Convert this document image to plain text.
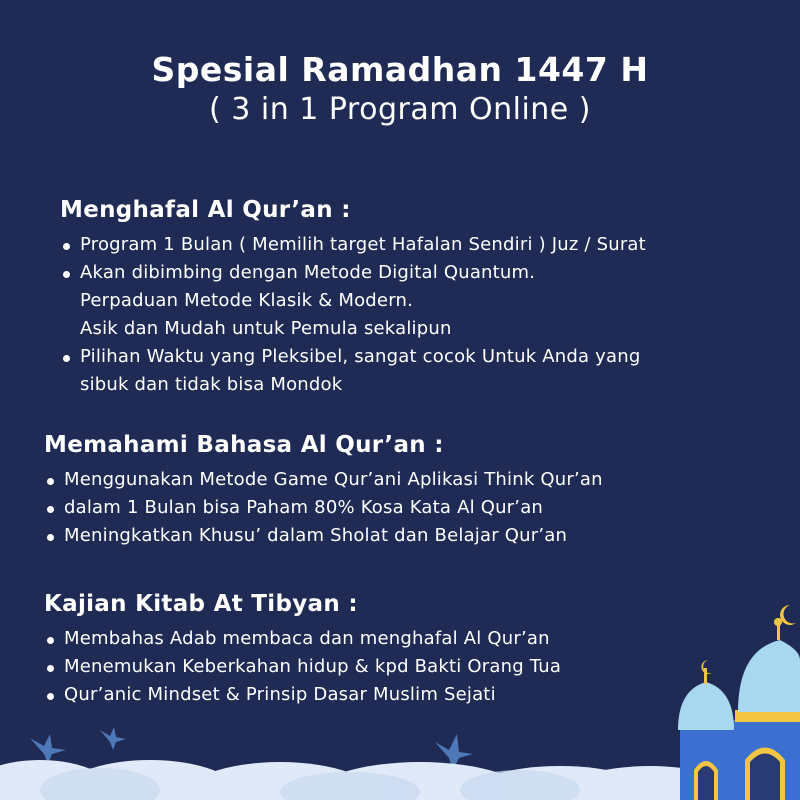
Spesial Ramadhan 1447 H
( 3 in 1 Program Online )
Menghafal Al Qur’an :
Program 1 Bulan ( Memilih target Hafalan Sendiri ) Juz / Surat
Akan dibimbing dengan Metode Digital Quantum.
Perpaduan Metode Klasik & Modern.
Asik dan Mudah untuk Pemula sekalipun
Pilihan Waktu yang Pleksibel, sangat cocok Untuk Anda yang
sibuk dan tidak bisa Mondok
Memahami Bahasa Al Qur’an :
Menggunakan Metode Game Qur’ani Aplikasi Think Qur’an
dalam 1 Bulan bisa Paham 80% Kosa Kata Al Qur’an
Meningkatkan Khusu’ dalam Sholat dan Belajar Qur’an
Kajian Kitab At Tibyan :
Membahas Adab membaca dan menghafal Al Qur’an
Menemukan Keberkahan hidup & kpd Bakti Orang Tua
Qur’anic Mindset & Prinsip Dasar Muslim Sejati
